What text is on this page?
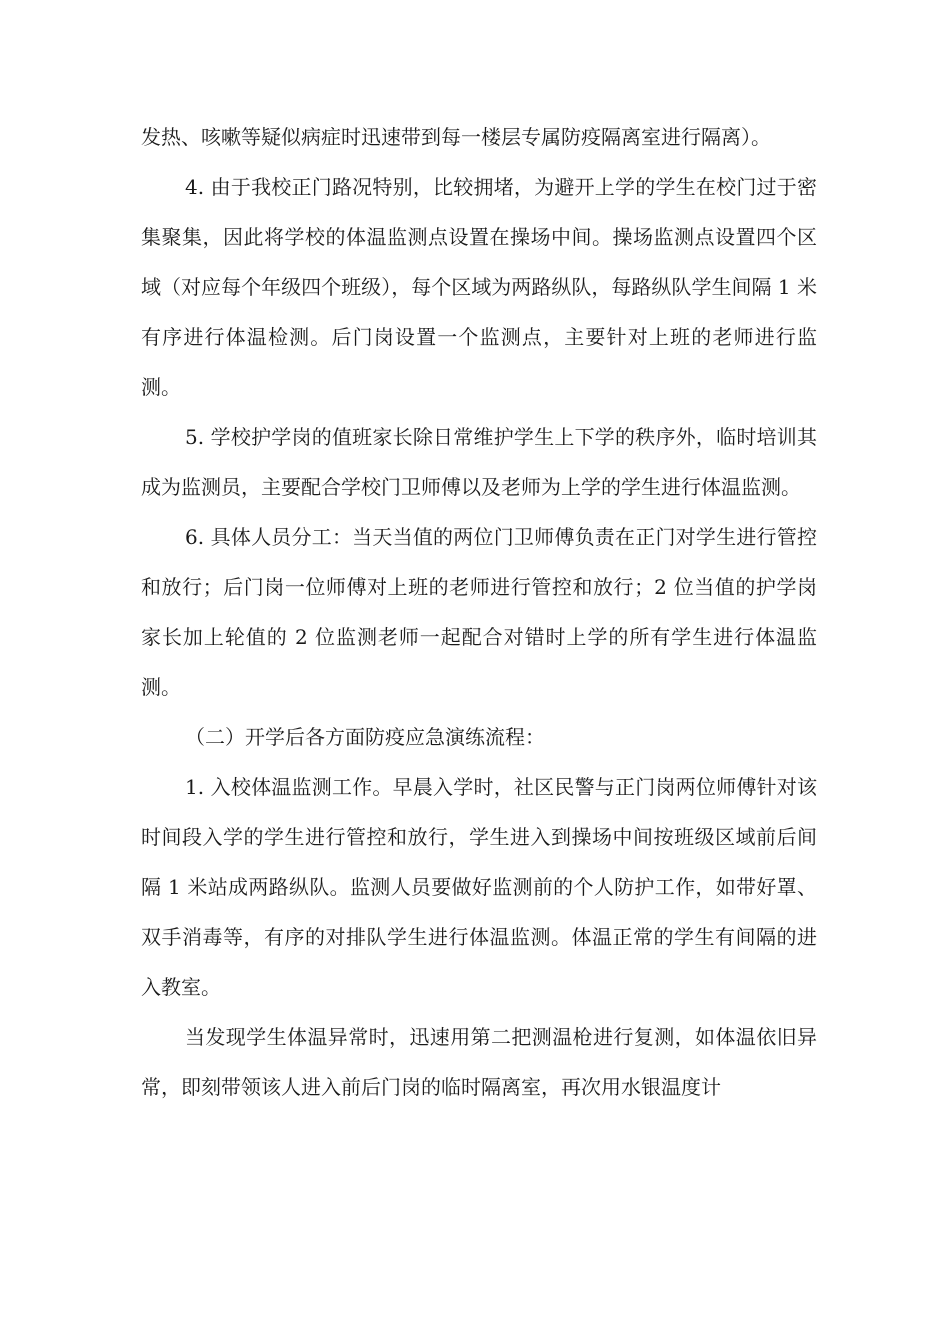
发热、咳嗽等疑似病症时迅速带到每一楼层专属防疫隔离室进行隔离）。

4. 由于我校正门路况特别，比较拥堵，为避开上学的学生在校门过于密集聚集，因此将学校的体温监测点设置在操场中间。操场监测点设置四个区域（对应每个年级四个班级），每个区域为两路纵队，每路纵队学生间隔 1 米有序进行体温检测。后门岗设置一个监测点，主要针对上班的老师进行监测。

5. 学校护学岗的值班家长除日常维护学生上下学的秩序外，临时培训其成为监测员，主要配合学校门卫师傅以及老师为上学的学生进行体温监测。

6. 具体人员分工：当天当值的两位门卫师傅负责在正门对学生进行管控和放行；后门岗一位师傅对上班的老师进行管控和放行；2 位当值的护学岗家长加上轮值的 2 位监测老师一起配合对错时上学的所有学生进行体温监测。

（二）开学后各方面防疫应急演练流程：

1. 入校体温监测工作。早晨入学时，社区民警与正门岗两位师傅针对该时间段入学的学生进行管控和放行，学生进入到操场中间按班级区域前后间隔 1 米站成两路纵队。监测人员要做好监测前的个人防护工作，如带好罩、双手消毒等，有序的对排队学生进行体温监测。体温正常的学生有间隔的进入教室。

当发现学生体温异常时，迅速用第二把测温枪进行复测，如体温依旧异常，即刻带领该人进入前后门岗的临时隔离室，再次用水银温度计
